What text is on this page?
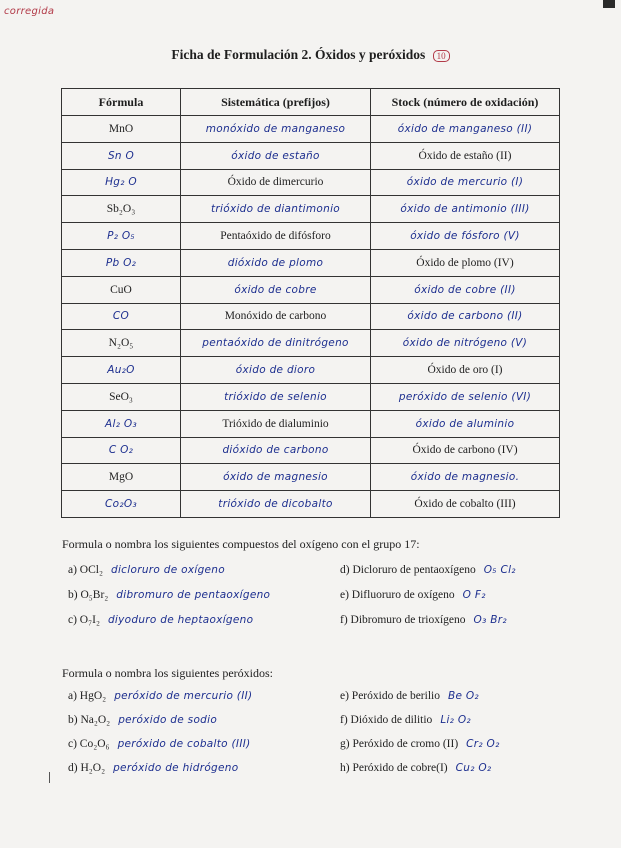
corregida
Ficha de Formulación 2. Óxidos y peróxidos 10
Fórmula	Sistemática (prefijos)	Stock (número de oxidación)
MnO	monóxido de manganeso	óxido de manganeso (II)
Sn O	óxido de estaño	Óxido de estaño (II)
Hg₂ O	Óxido de dimercurio	óxido de mercurio (I)
Sb₂O₃	trióxido de diantimonio	óxido de antimonio (III)
P₂ O₅	Pentaóxido de difósforo	óxido de fósforo (V)
Pb O₂	dióxido de plomo	Óxido de plomo (IV)
CuO	óxido de cobre	óxido de cobre (II)
CO	Monóxido de carbono	óxido de carbono (II)
N₂O₅	pentaóxido de dinitrógeno	óxido de nitrógeno (V)
Au₂O	óxido de dioro	Óxido de oro (I)
SeO₃	trióxido de selenio	peróxido de selenio (VI)
Al₂ O₃	Trióxido de dialuminio	óxido de aluminio
C O₂	dióxido de carbono	Óxido de carbono (IV)
MgO	óxido de magnesio	óxido de magnesio.
Co₂O₃	trióxido de dicobalto	Óxido de cobalto (III)
Formula o nombra los siguientes compuestos del oxígeno con el grupo 17:
a) OCl₂ dicloruro de oxígeno
b) O₅Br₂ dibromuro de pentaoxígeno
c) O₇I₂ diyoduro de heptaoxígeno
d) Dicloruro de pentaoxígeno O₅ Cl₂
e) Difluoruro de oxígeno O F₂
f) Dibromuro de trioxígeno O₃ Br₂
Formula o nombra los siguientes peróxidos:
a) HgO₂ peróxido de mercurio (II)
b) Na₂O₂ peróxido de sodio
c) Co₂O₆ peróxido de cobalto (III)
d) H₂O₂ peróxido de hidrógeno
e) Peróxido de berilio Be O₂
f) Dióxido de dilitio Li₂ O₂
g) Peróxido de cromo (II) Cr₂ O₂
h) Peróxido de cobre(I) Cu₂ O₂
